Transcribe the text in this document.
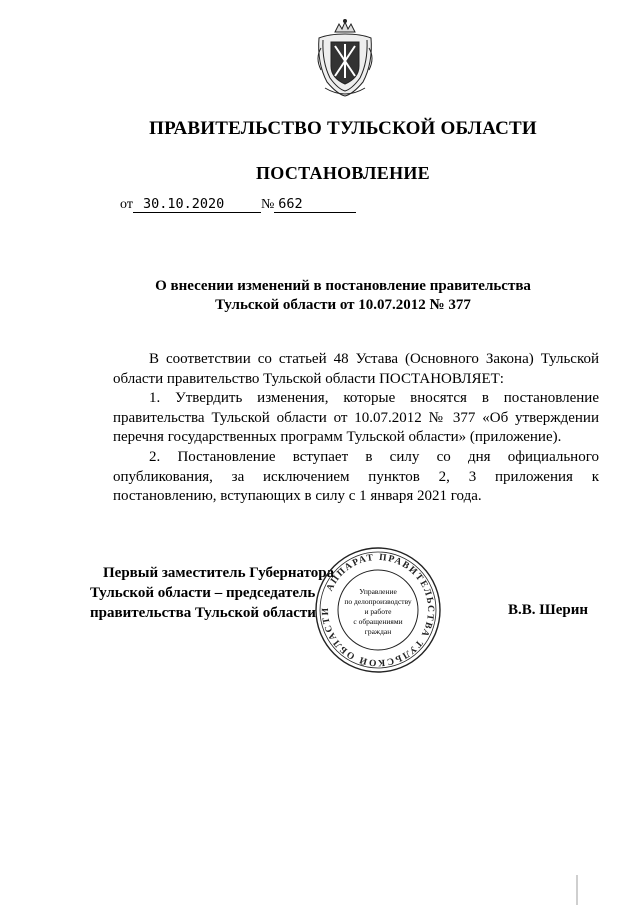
ПРАВИТЕЛЬСТВО ТУЛЬСКОЙ ОБЛАСТИ
ПОСТАНОВЛЕНИЕ
от 30.10.2020	№ 662
О внесении изменений в постановление правительства
Тульской области от 10.07.2012 № 377

В соответствии со статьей 48 Устава (Основного Закона) Тульской области правительство Тульской области ПОСТАНОВЛЯЕТ:

1. Утвердить изменения, которые вносятся в постановление правительства Тульской области от 10.07.2012 № 377 «Об утверждении перечня государственных программ Тульской области» (приложение).

2. Постановление вступает в силу со дня официального опубликования, за исключением пунктов 2, 3 приложения к постановлению, вступающих в силу с 1 января 2021 года.

Первый заместитель Губернатора
Тульской области – председатель
правительства Тульской области	В.В. Шерин
АППАРАТ ПРАВИТЕЛЬСТВА ТУЛЬСКОЙ ОБЛАСТИ
Управление
по делопроизводству
и работе
с обращениями
граждан
